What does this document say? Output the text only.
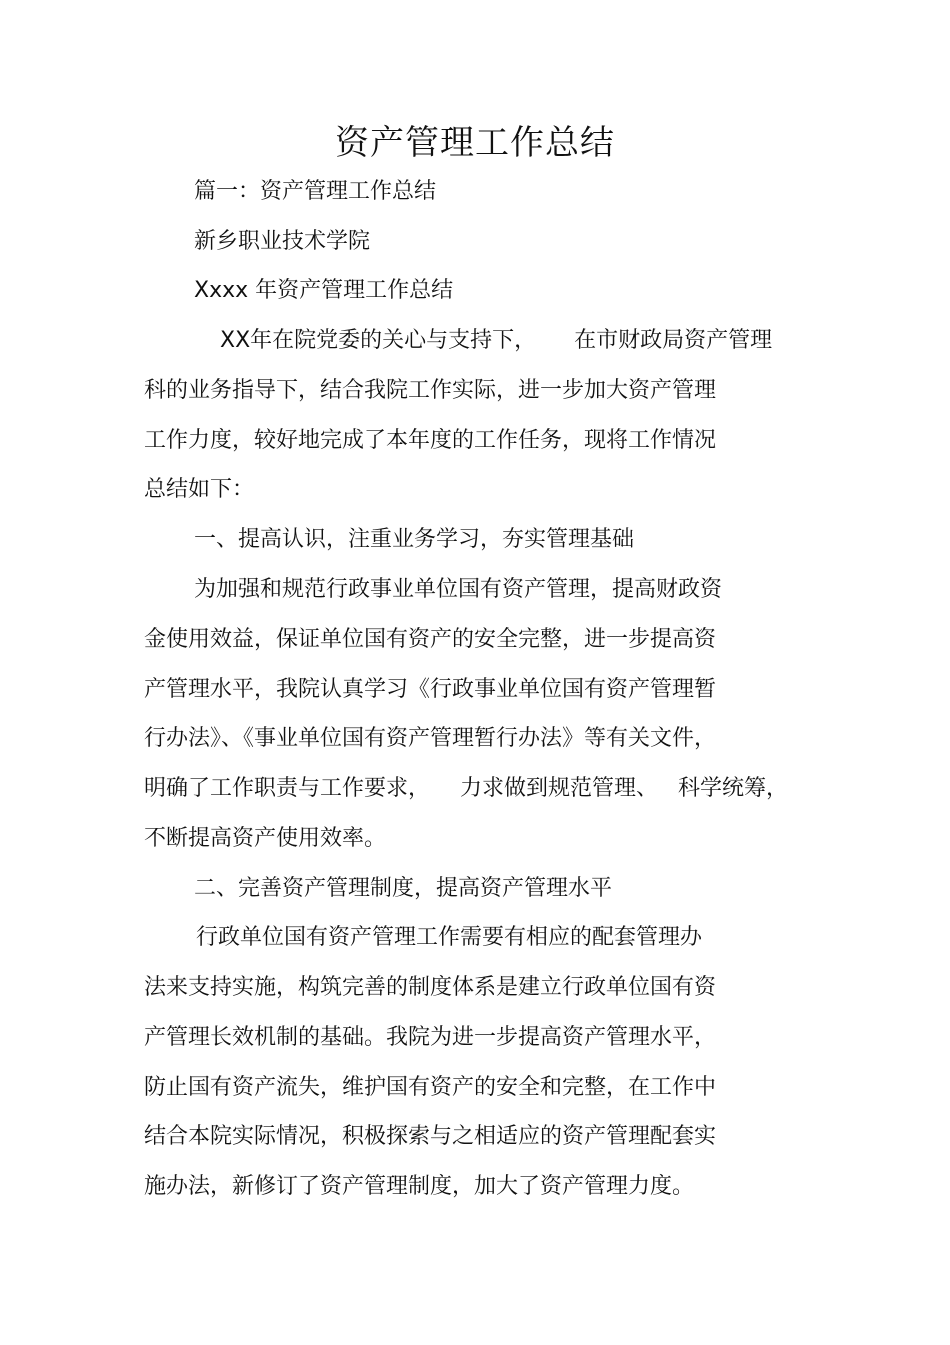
资产管理工作总结
篇一：资产管理工作总结
新乡职业技术学院
Xxxx 年资产管理工作总结
XX年在院党委的关心与支持下， 在市财政局资产管理
科的业务指导下，结合我院工作实际，进一步加大资产管理
工作力度，较好地完成了本年度的工作任务，现将工作情况
总结如下：
一、提高认识，注重业务学习，夯实管理基础
为加强和规范行政事业单位国有资产管理，提高财政资
金使用效益，保证单位国有资产的安全完整，进一步提高资
产管理水平，我院认真学习《行政事业单位国有资产管理暂
行办法》、《事业单位国有资产管理暂行办法》等有关文件，
明确了工作职责与工作要求， 力求做到规范管理、 科学统筹，
不断提高资产使用效率。
二、完善资产管理制度，提高资产管理水平
行政单位国有资产管理工作需要有相应的配套管理办
法来支持实施，构筑完善的制度体系是建立行政单位国有资
产管理长效机制的基础。我院为进一步提高资产管理水平，
防止国有资产流失，维护国有资产的安全和完整，在工作中
结合本院实际情况，积极探索与之相适应的资产管理配套实
施办法，新修订了资产管理制度，加大了资产管理力度。
